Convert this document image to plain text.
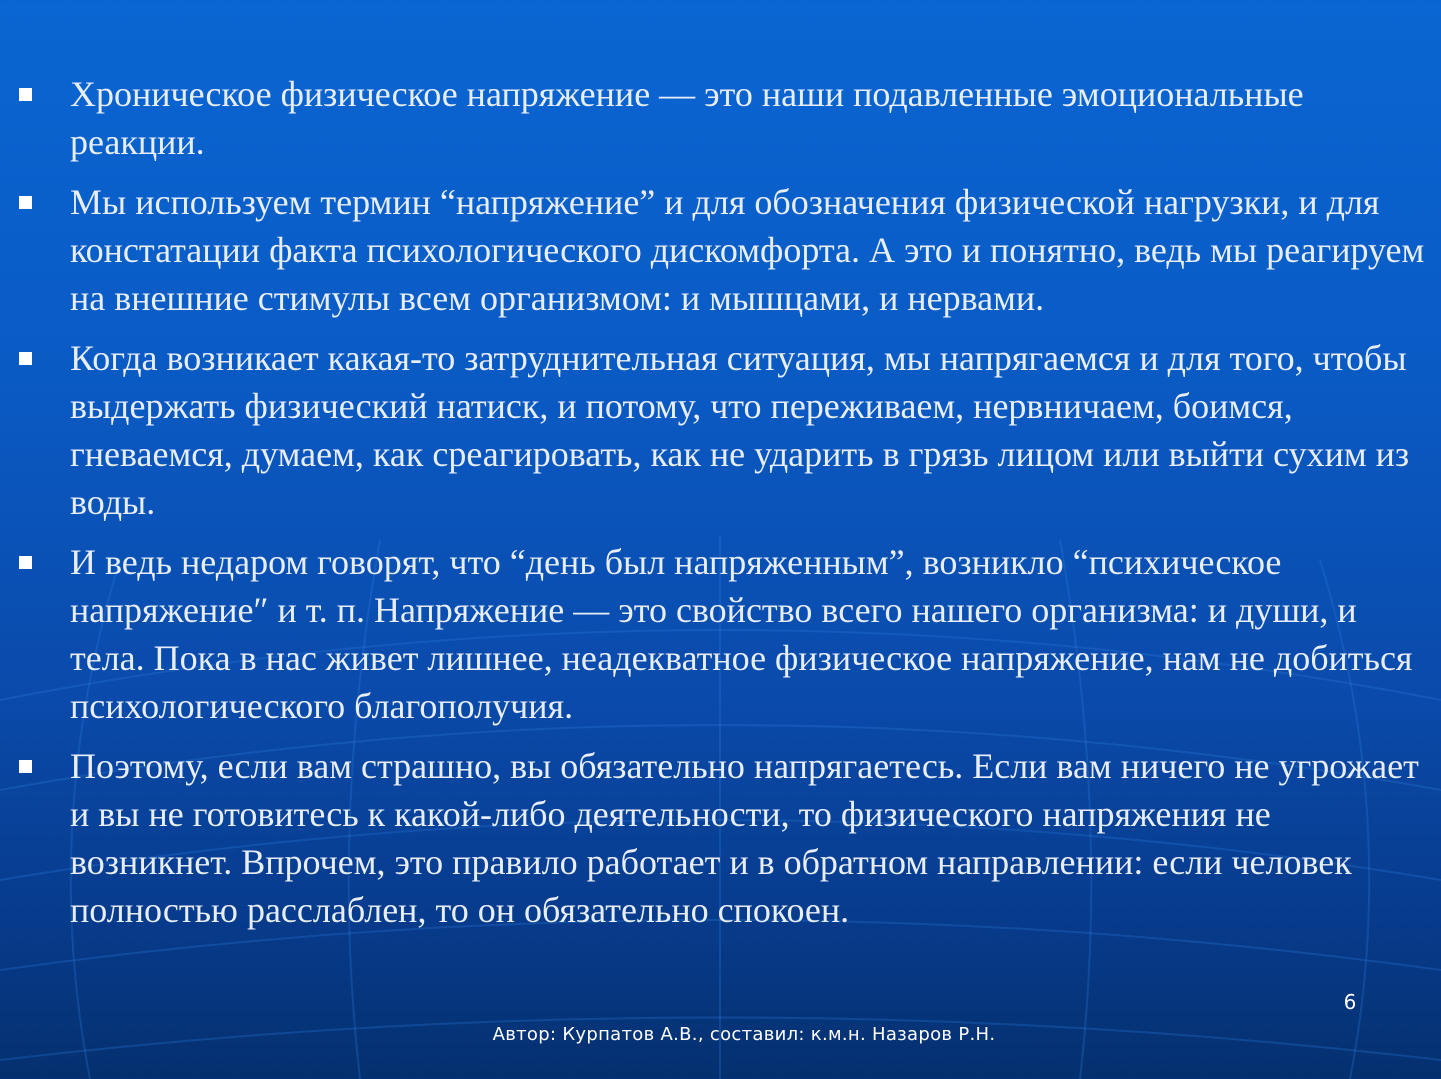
Хроническое физическое напряжение — это наши подавленные эмоциональные реакции.
Мы используем термин “напряжение” и для обозначения физической нагрузки, и для констатации факта психологического дискомфорта. А это и понятно, ведь мы реагируем на внешние стимулы всем организмом: и мышцами, и нервами.
Когда возникает какая-то затруднительная ситуация, мы напрягаемся и для того, чтобы выдержать физический натиск, и потому, что переживаем, нервничаем, боимся, гневаемся, думаем, как среагировать, как не ударить в грязь лицом или выйти сухим из воды.
И ведь недаром говорят, что “день был напряженным”, возникло “психическое напряжение″ и т. п. Напряжение — это свойство всего нашего организма: и души, и тела. Пока в нас живет лишнее, неадекватное физическое напряжение, нам не добиться психологического благополучия.
Поэтому, если вам страшно, вы обязательно напрягаетесь. Если вам ничего не угрожает и вы не готовитесь к какой-либо деятельности, то физического напряжения не возникнет. Впрочем, это правило работает и в обратном направлении: если человек полностью расслаблен, то он обязательно спокоен.
6
Автор: Курпатов А.В., составил: к.м.н. Назаров Р.Н.
